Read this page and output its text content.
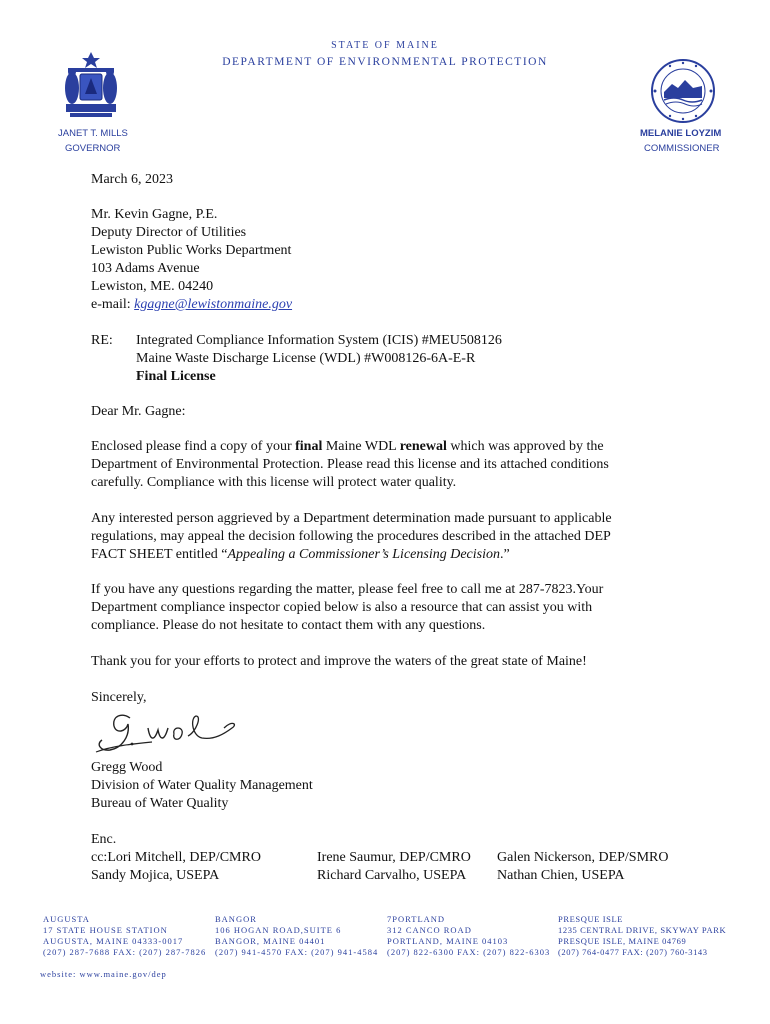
STATE OF MAINE
DEPARTMENT OF ENVIRONMENTAL PROTECTION
JANET T. MILLS
GOVERNOR
MELANIE LOYZIM
COMMISSIONER
March 6, 2023
Mr. Kevin Gagne, P.E.
Deputy Director of Utilities
Lewiston Public Works Department
103 Adams Avenue
Lewiston, ME. 04240
e-mail: kgagne@lewistonmaine.gov
RE: Integrated Compliance Information System (ICIS) #MEU508126
Maine Waste Discharge License (WDL) #W008126-6A-E-R
Final License
Dear Mr. Gagne:
Enclosed please find a copy of your final Maine WDL renewal which was approved by the
Department of Environmental Protection. Please read this license and its attached conditions
carefully. Compliance with this license will protect water quality.
Any interested person aggrieved by a Department determination made pursuant to applicable
regulations, may appeal the decision following the procedures described in the attached DEP
FACT SHEET entitled “Appealing a Commissioner’s Licensing Decision.”
If you have any questions regarding the matter, please feel free to call me at 287-7823.Your
Department compliance inspector copied below is also a resource that can assist you with
compliance. Please do not hesitate to contact them with any questions.
Thank you for your efforts to protect and improve the waters of the great state of Maine!
Sincerely,
Gregg Wood
Division of Water Quality Management
Bureau of Water Quality
Enc.
cc:Lori Mitchell, DEP/CMRO
Sandy Mojica, USEPA
Irene Saumur, DEP/CMRO
Richard Carvalho, USEPA
Galen Nickerson, DEP/SMRO
Nathan Chien, USEPA
AUGUSTA
17 STATE HOUSE STATION
AUGUSTA, MAINE 04333-0017
(207) 287-7688 FAX: (207) 287-7826
BANGOR
106 HOGAN ROAD,SUITE 6
BANGOR, MAINE 04401
(207) 941-4570 FAX: (207) 941-4584
7PORTLAND
312 CANCO ROAD
PORTLAND, MAINE 04103
(207) 822-6300 FAX: (207) 822-6303
PRESQUE ISLE
1235 CENTRAL DRIVE, SKYWAY PARK
PRESQUE ISLE, MAINE 04769
(207) 764-0477 FAX: (207) 760-3143
website: www.maine.gov/dep
